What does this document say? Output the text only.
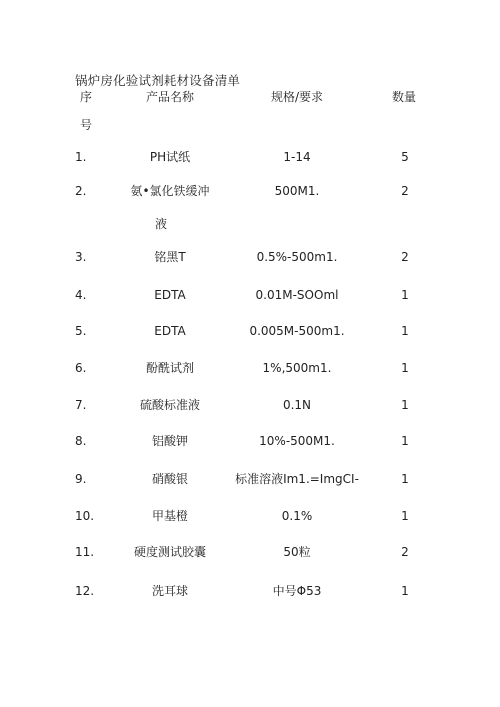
锅炉房化验试剂耗材设备清单
序	产品名称	规格/要求	数量
号
1.	PH试纸	1-14	5
2.	氨•氯化铁缓冲	500M1.	2
液
3.	铭黑T	0.5%-500m1.	2
4.	EDTA	0.01M-SOOml	1
5.	EDTA	0.005M-500m1.	1
6.	酚酰试剂	1%,500m1.	1
7.	硫酸标准液	0.1N	1
8.	铝酸钾	10%-500M1.	1
9.	硝酸银	标准溶液Im1.=ImgCI-	1
10.	甲基橙	0.1%	1
11.	硬度测试胶囊	50粒	2
12.	洗耳球	中号Φ53	1
